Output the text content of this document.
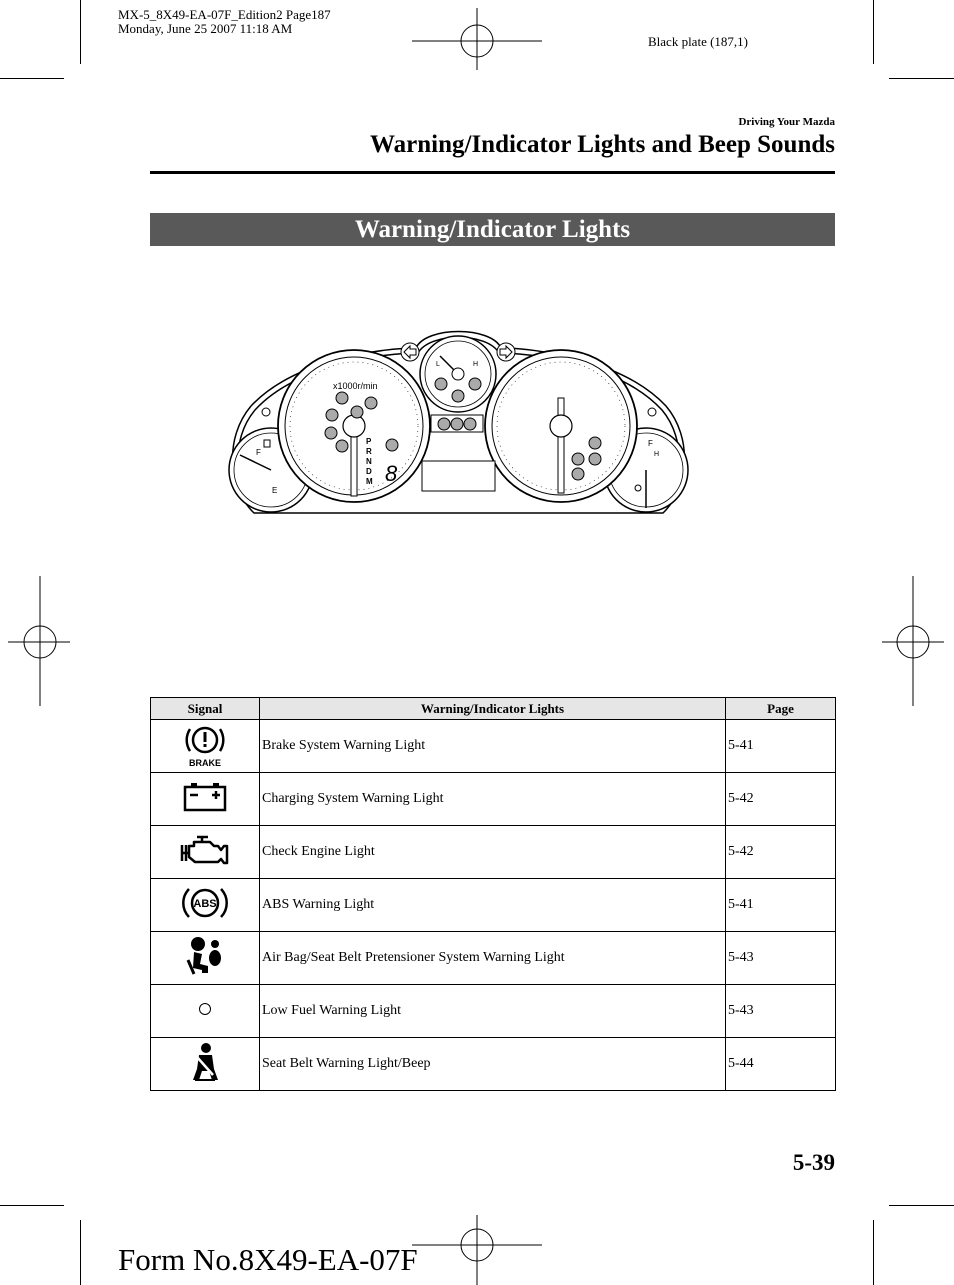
MX-5_8X49-EA-07F_Edition2 Page187
Monday, June 25 2007 11:18 AM
Black plate (187,1)
Driving Your Mazda
Warning/Indicator Lights and Beep Sounds
Warning/Indicator Lights
F
E
F
H
x1000r/min
P
R
N
D
M 8
L	H
Signal	Warning/Indicator Lights	Page

BRAKE	Brake System Warning Light	5-41
	Charging System Warning Light	5-42
	Check Engine Light	5-42

ABS	ABS Warning Light	5-41
	Air Bag/Seat Belt Pretensioner System Warning Light	5-43
	Low Fuel Warning Light	5-43
	Seat Belt Warning Light/Beep	5-44
5-39
Form No.8X49-EA-07F
